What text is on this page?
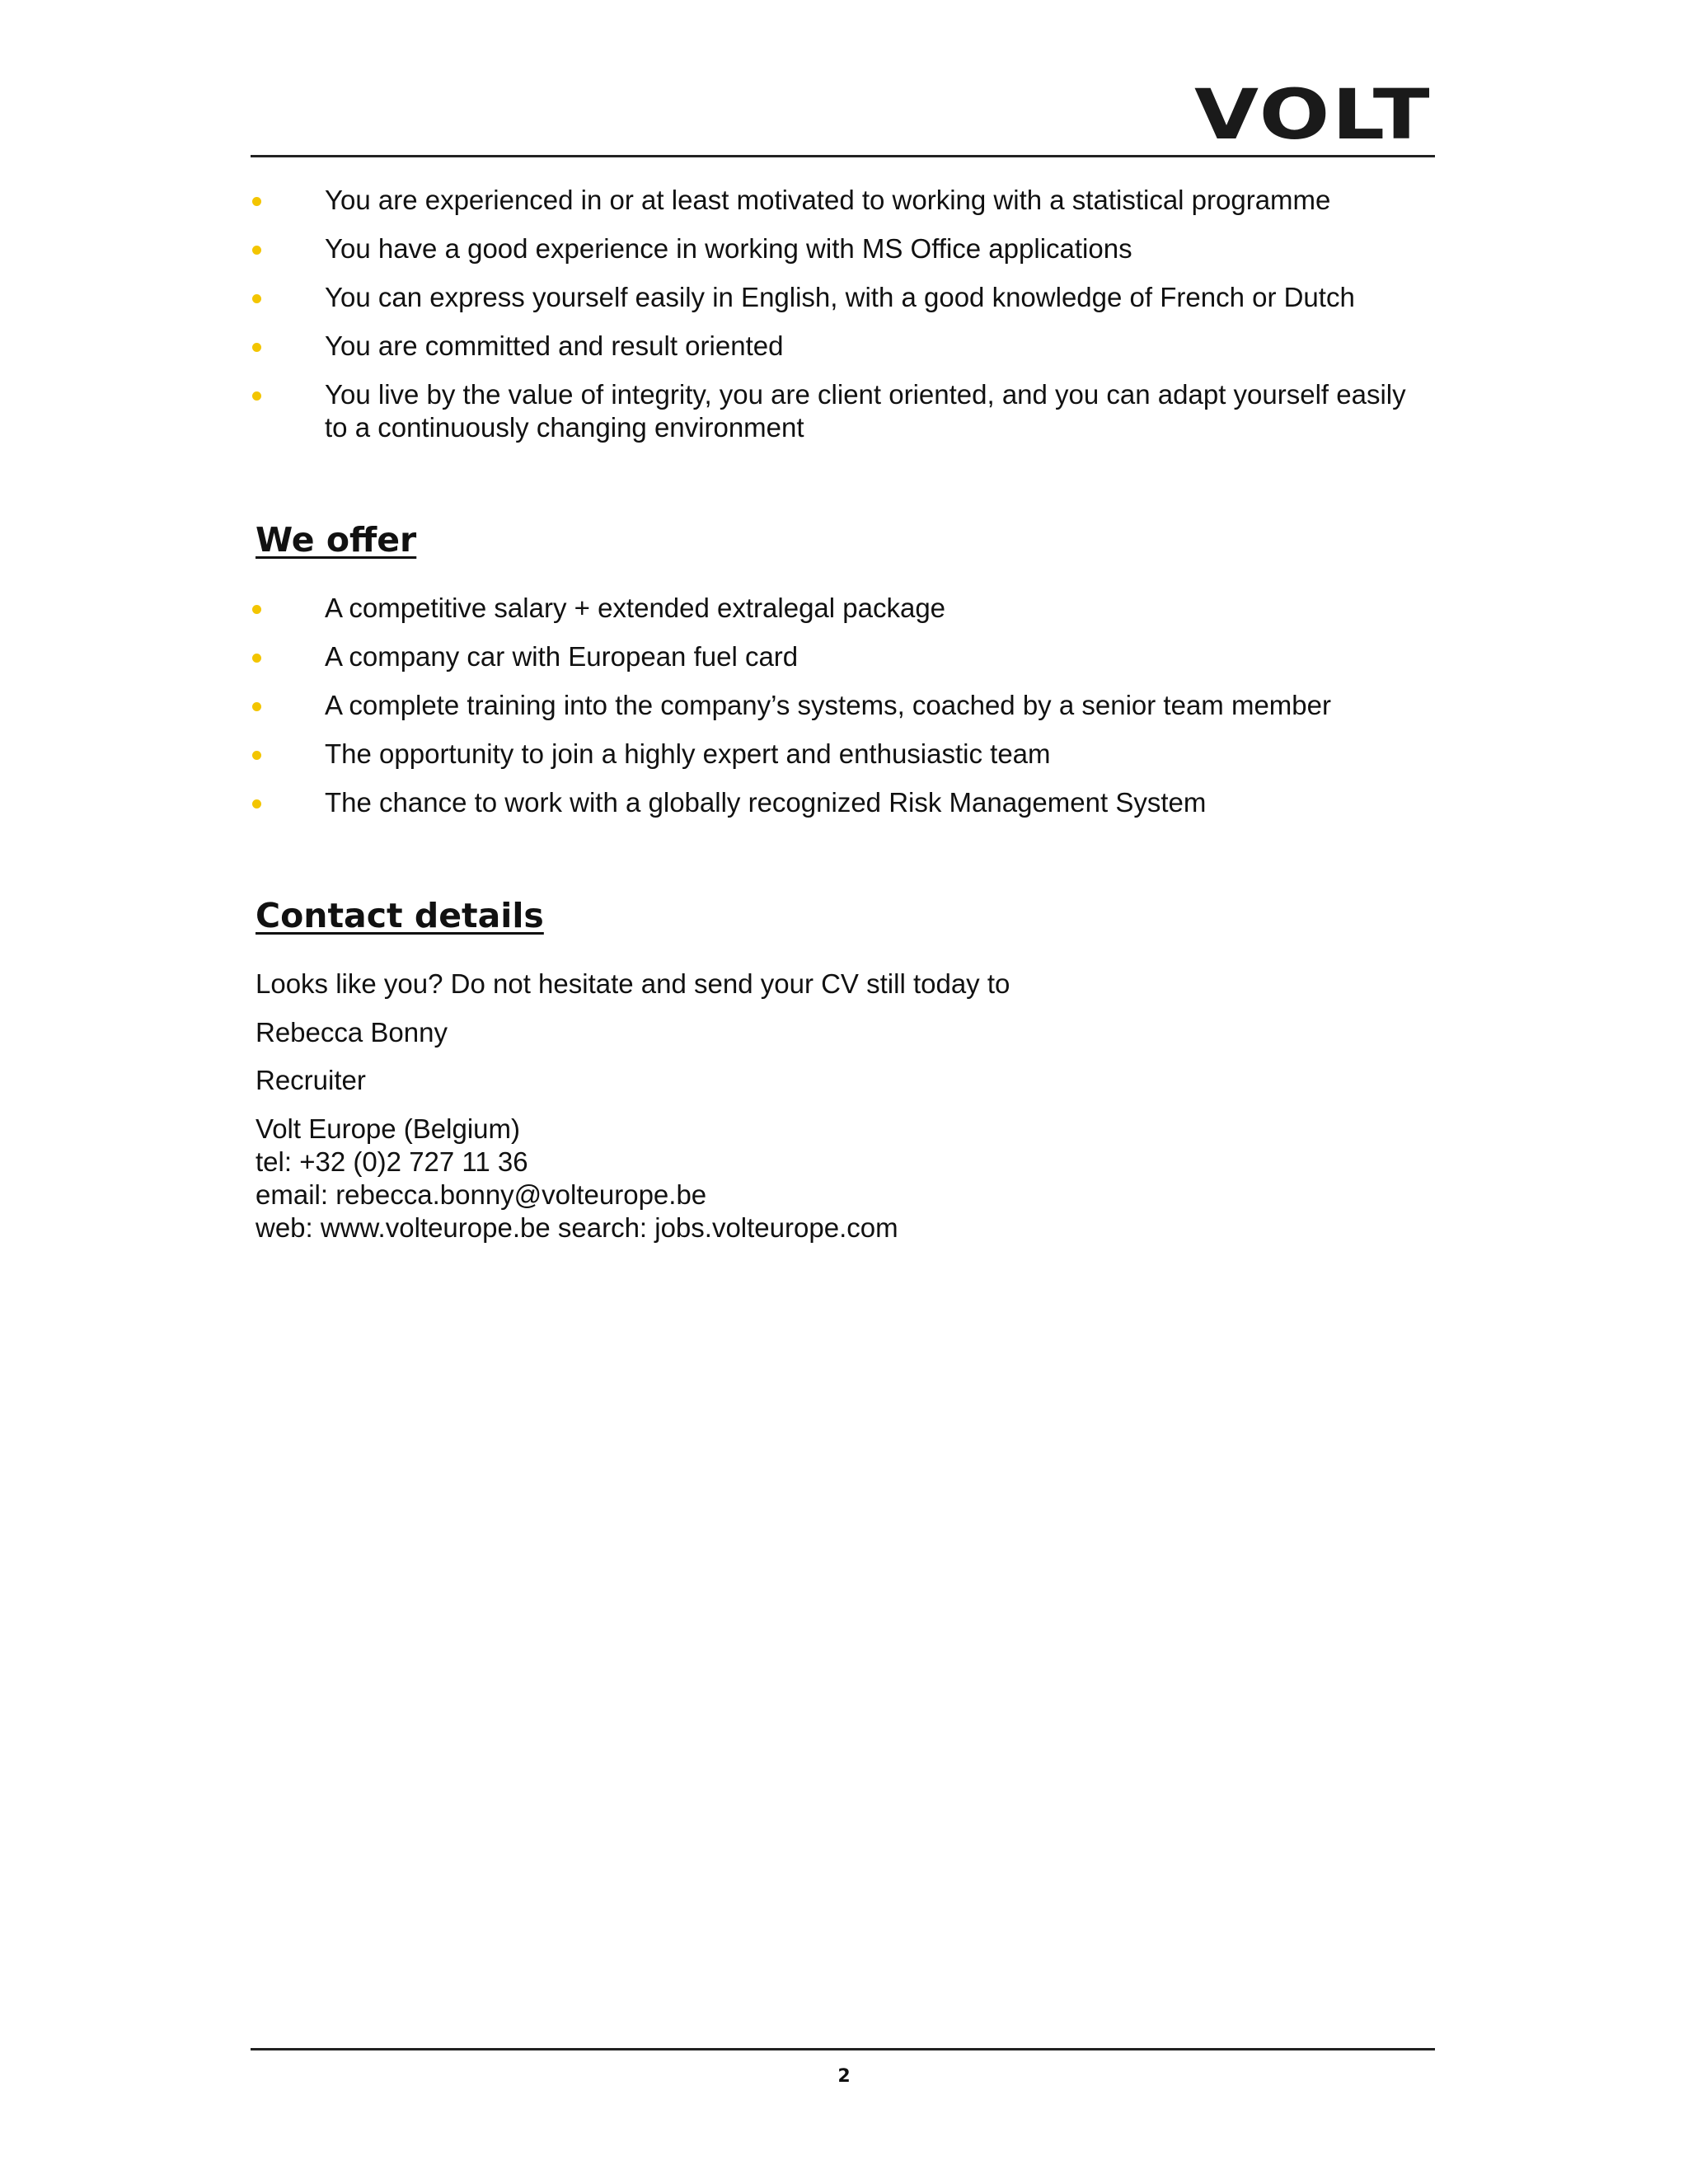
VOLT
You are experienced in or at least motivated to working with a statistical programme
You have a good experience in working with MS Office applications
You can express yourself easily in English, with a good knowledge of French or Dutch
You are committed and result oriented
You live by the value of integrity, you are client oriented, and you can adapt yourself easily to a continuously changing environment
We offer
A competitive salary + extended extralegal package
A company car with European fuel card
A complete training into the company’s systems, coached by a senior team member
The opportunity to join a highly expert and enthusiastic team
The chance to work with a globally recognized Risk Management System
Contact details
Looks like you? Do not hesitate and send your CV still today to
Rebecca Bonny
Recruiter
Volt Europe (Belgium)
tel: +32 (0)2 727 11 36
email: rebecca.bonny@volteurope.be
web: www.volteurope.be search: jobs.volteurope.com
2
